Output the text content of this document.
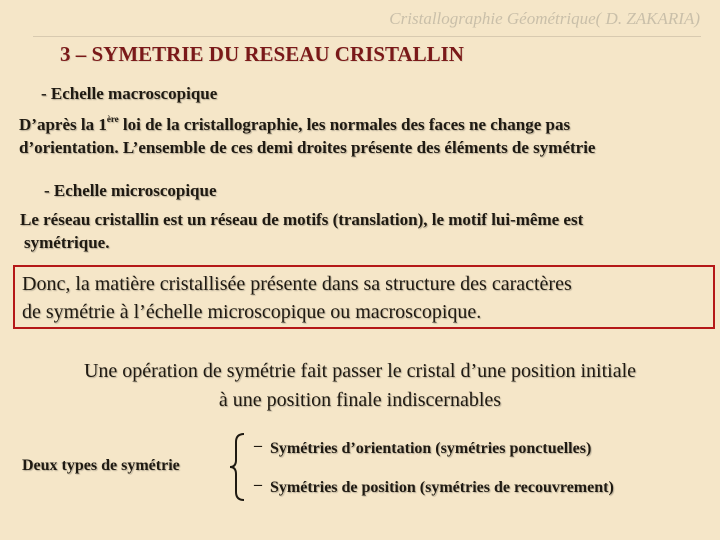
Cristallographie Géométrique( D. ZAKARIA)
3 – SYMETRIE DU RESEAU CRISTALLIN
- Echelle macroscopique
D’après la 1ère loi de la cristallographie, les normales des faces ne change pas
d’orientation. L’ensemble de ces demi droites présente des éléments de symétrie
- Echelle microscopique
Le réseau cristallin est un réseau de motifs (translation), le motif lui-même est
symétrique.
Donc, la matière cristallisée présente dans sa structure des caractères
de symétrie à l’échelle microscopique ou macroscopique.
Une opération de symétrie fait passer le cristal d’une position initiale
à une position finale indiscernables
Deux types de symétrie
– Symétries d’orientation (symétries ponctuelles)
– Symétries de position (symétries de recouvrement)
